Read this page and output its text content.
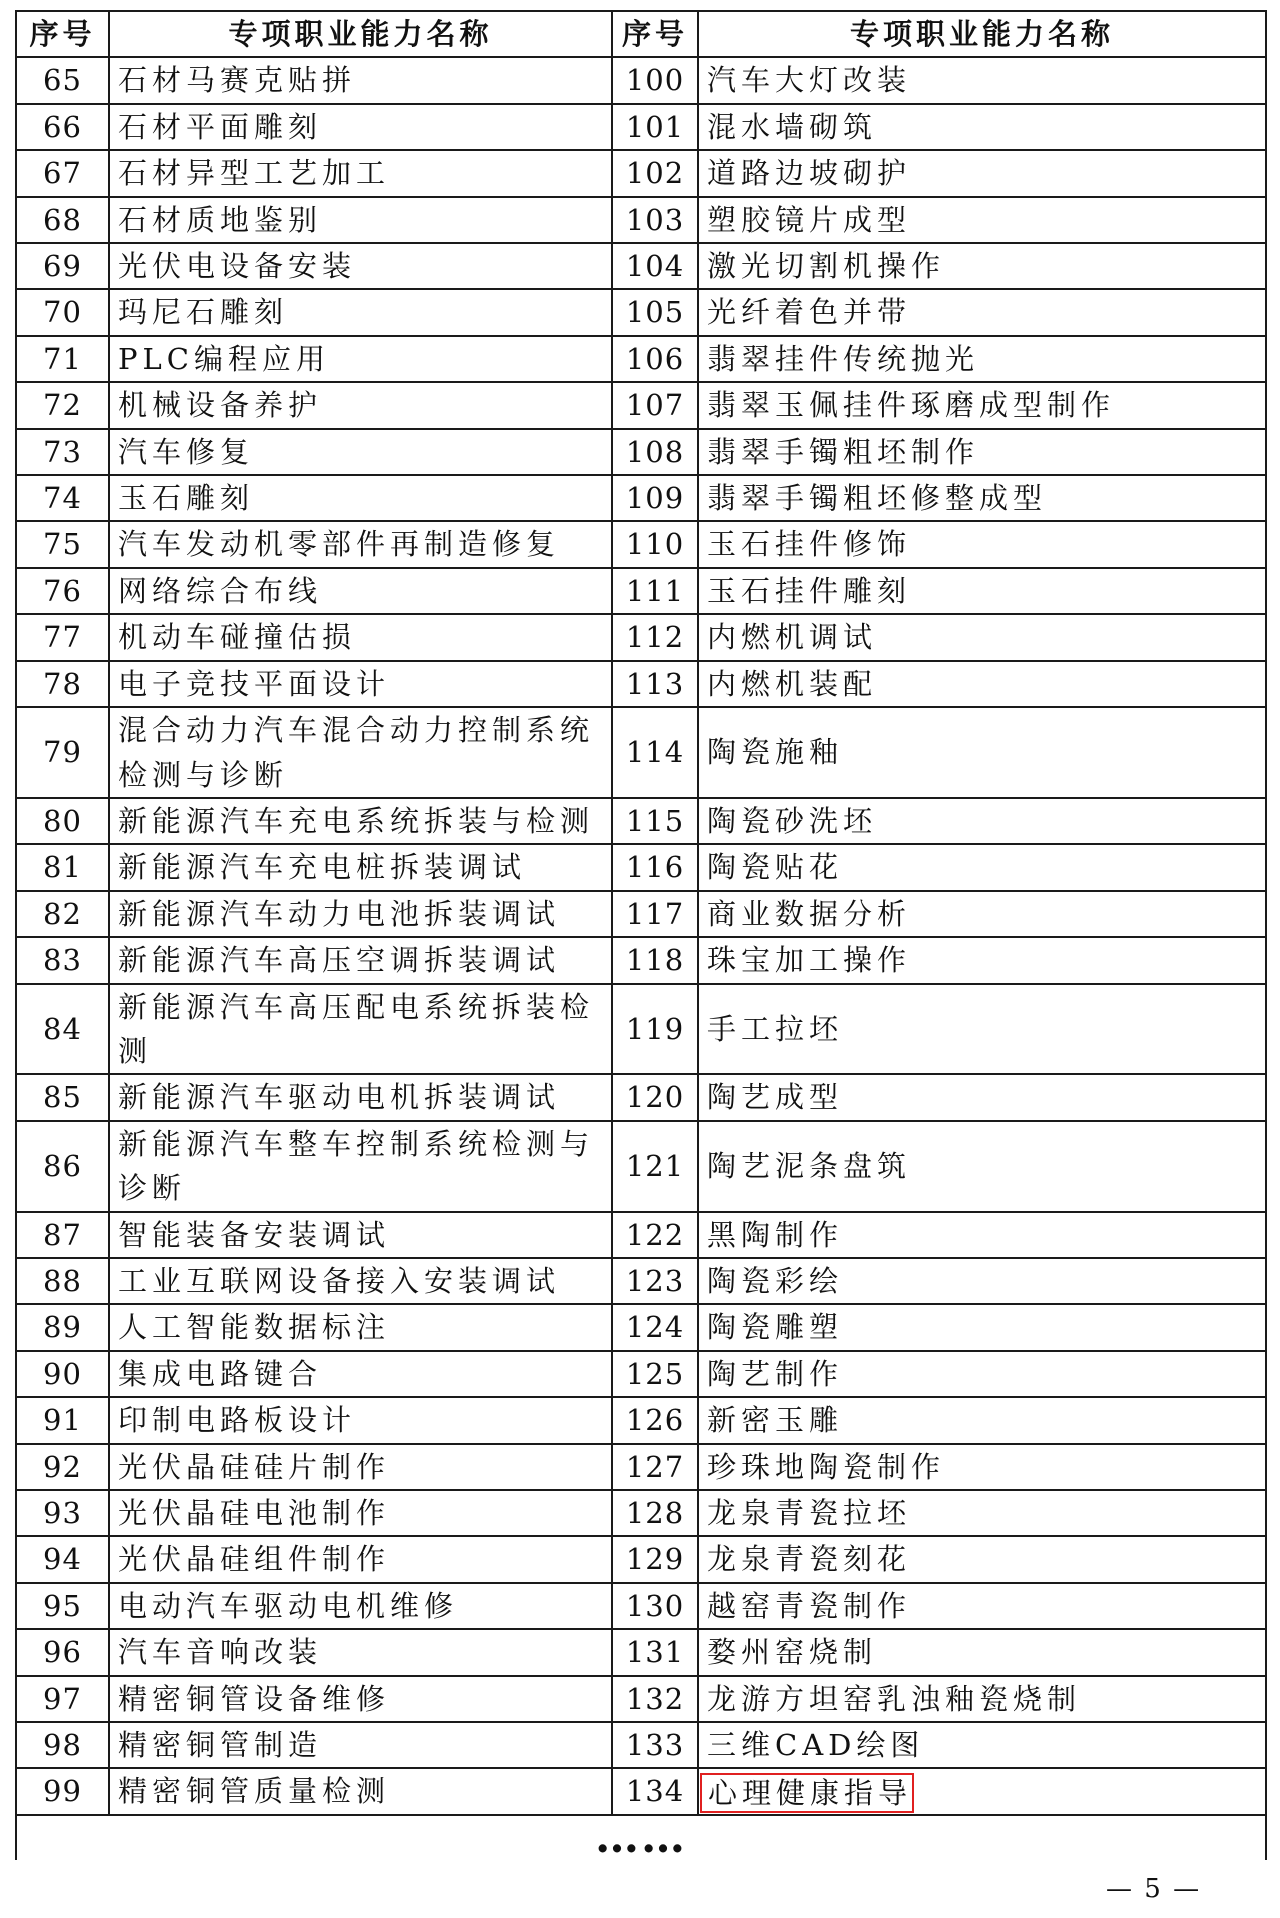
序号	专项职业能力名称	序号	专项职业能力名称
65	石材马赛克贴拼	100	汽车大灯改装
66	石材平面雕刻	101	混水墙砌筑
67	石材异型工艺加工	102	道路边坡砌护
68	石材质地鉴别	103	塑胶镜片成型
69	光伏电设备安装	104	激光切割机操作
70	玛尼石雕刻	105	光纤着色并带
71	PLC编程应用	106	翡翠挂件传统抛光
72	机械设备养护	107	翡翠玉佩挂件琢磨成型制作
73	汽车修复	108	翡翠手镯粗坯制作
74	玉石雕刻	109	翡翠手镯粗坯修整成型
75	汽车发动机零部件再制造修复	110	玉石挂件修饰
76	网络综合布线	111	玉石挂件雕刻
77	机动车碰撞估损	112	内燃机调试
78	电子竞技平面设计	113	内燃机装配
79	混合动力汽车混合动力控制系统检测与诊断	114	陶瓷施釉
80	新能源汽车充电系统拆装与检测	115	陶瓷砂洗坯
81	新能源汽车充电桩拆装调试	116	陶瓷贴花
82	新能源汽车动力电池拆装调试	117	商业数据分析
83	新能源汽车高压空调拆装调试	118	珠宝加工操作
84	新能源汽车高压配电系统拆装检测	119	手工拉坯
85	新能源汽车驱动电机拆装调试	120	陶艺成型
86	新能源汽车整车控制系统检测与诊断	121	陶艺泥条盘筑
87	智能装备安装调试	122	黑陶制作
88	工业互联网设备接入安装调试	123	陶瓷彩绘
89	人工智能数据标注	124	陶瓷雕塑
90	集成电路键合	125	陶艺制作
91	印制电路板设计	126	新密玉雕
92	光伏晶硅硅片制作	127	珍珠地陶瓷制作
93	光伏晶硅电池制作	128	龙泉青瓷拉坯
94	光伏晶硅组件制作	129	龙泉青瓷刻花
95	电动汽车驱动电机维修	130	越窑青瓷制作
96	汽车音响改装	131	婺州窑烧制
97	精密铜管设备维修	132	龙游方坦窑乳浊釉瓷烧制
98	精密铜管制造	133	三维CAD绘图
99	精密铜管质量检测	134	心理健康指导
……			
— 5 —
